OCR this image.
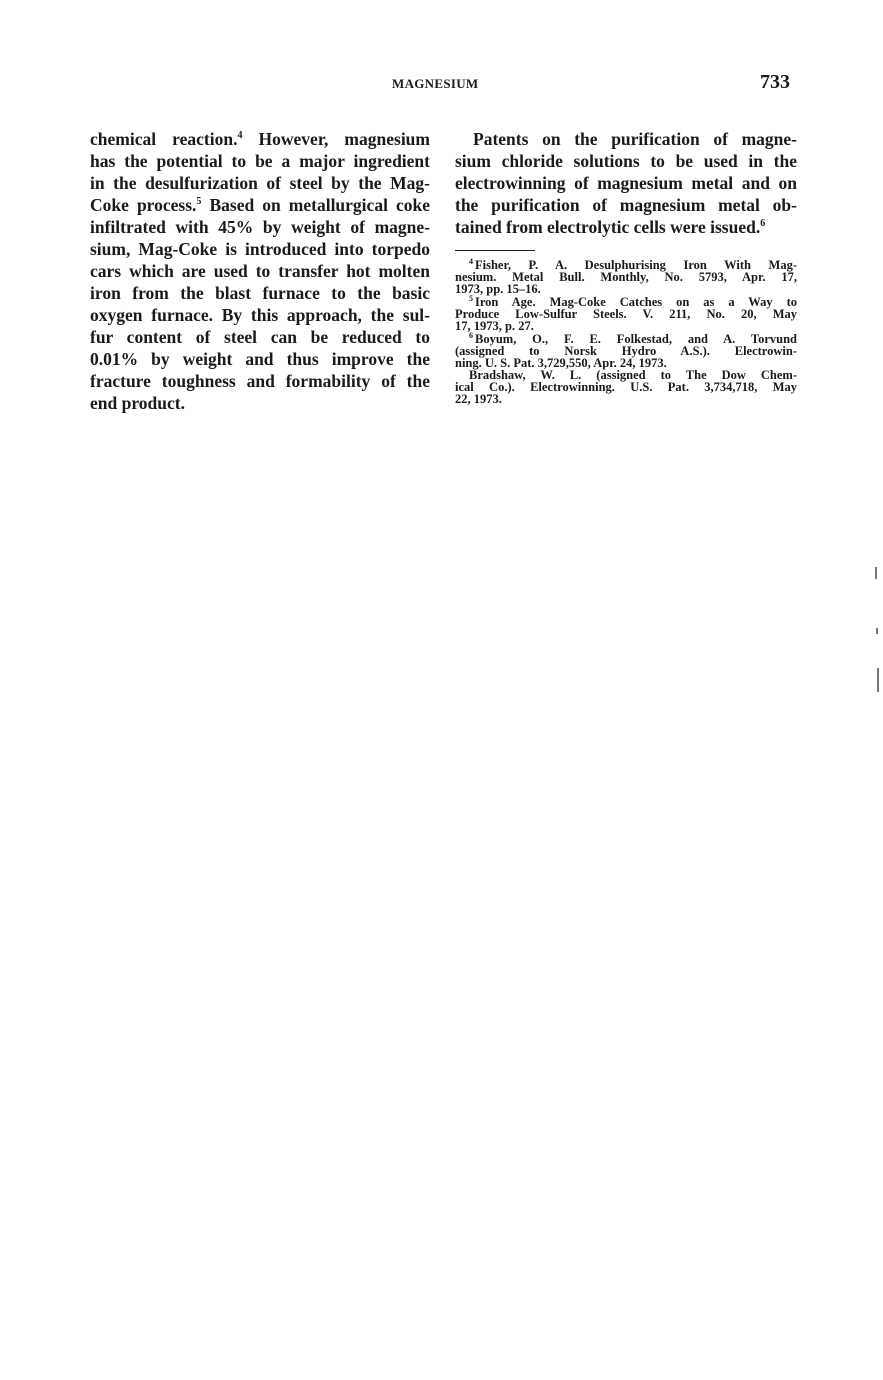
MAGNESIUM	733
chemical reaction.$^4$ However, magnesium
has the potential to be a major ingredient
in the desulfurization of steel by the Mag-
Coke process.$^5$ Based on metallurgical coke
infiltrated with 45% by weight of magne-
sium, Mag-Coke is introduced into torpedo
cars which are used to transfer hot molten
iron from the blast furnace to the basic
oxygen furnace. By this approach, the sul-
fur content of steel can be reduced to
0.01% by weight and thus improve the
fracture toughness and formability of the
end product.
Patents on the purification of magne-
sium chloride solutions to be used in the
electrowinning of magnesium metal and on
the purification of magnesium metal ob-
tained from electrolytic cells were issued.$^6$
$^4$ Fisher, P. A. Desulphurising Iron With Mag-
nesium. Metal Bull. Monthly, No. 5793, Apr. 17,
1973, pp. 15–16.
$^5$ Iron Age. Mag-Coke Catches on as a Way to
Produce Low-Sulfur Steels. V. 211, No. 20, May
17, 1973, p. 27.
$^6$ Boyum, O., F. E. Folkestad, and A. Torvund
(assigned to Norsk Hydro A.S.). Electrowin-
ning. U. S. Pat. 3,729,550, Apr. 24, 1973.
Bradshaw, W. L. (assigned to The Dow Chem-
ical Co.). Electrowinning. U.S. Pat. 3,734,718, May
22, 1973.
